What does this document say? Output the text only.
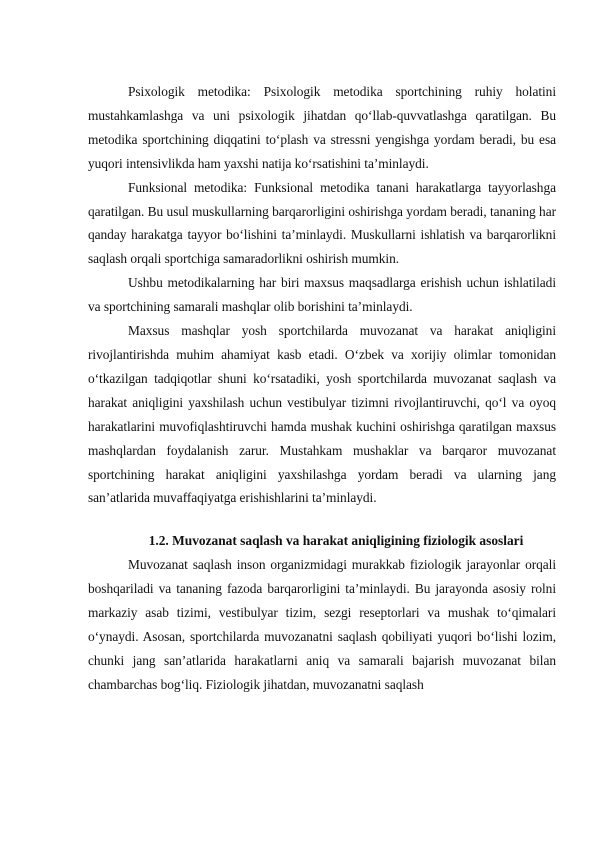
Psixologik metodika: Psixologik metodika sportchining ruhiy holatini mustahkamlashga va uni psixologik jihatdan qo‘llab-quvvatlashga qaratilgan. Bu metodika sportchining diqqatini to‘plash va stressni yengishga yordam beradi, bu esa yuqori intensivlikda ham yaxshi natija ko‘rsatishini ta’minlaydi.

Funksional metodika: Funksional metodika tanani harakatlarga tayyorlashga qaratilgan. Bu usul muskullarning barqarorligini oshirishga yordam beradi, tananing har qanday harakatga tayyor bo‘lishini ta’minlaydi. Muskullarni ishlatish va barqarorlikni saqlash orqali sportchiga samaradorlikni oshirish mumkin.

Ushbu metodikalarning har biri maxsus maqsadlarga erishish uchun ishlatiladi va sportchining samarali mashqlar olib borishini ta’minlaydi.

Maxsus mashqlar yosh sportchilarda muvozanat va harakat aniqligini rivojlantirishda muhim ahamiyat kasb etadi. O‘zbek va xorijiy olimlar tomonidan o‘tkazilgan tadqiqotlar shuni ko‘rsatadiki, yosh sportchilarda muvozanat saqlash va harakat aniqligini yaxshilash uchun vestibulyar tizimni rivojlantiruvchi, qo‘l va oyoq harakatlarini muvofiqlashtiruvchi hamda mushak kuchini oshirishga qaratilgan maxsus mashqlardan foydalanish zarur. Mustahkam mushaklar va barqaror muvozanat sportchining harakat aniqligini yaxshilashga yordam beradi va ularning jang san’atlarida muvaffaqiyatga erishishlarini ta’minlaydi.

1.2. Muvozanat saqlash va harakat aniqligining fiziologik asoslari

Muvozanat saqlash inson organizmidagi murakkab fiziologik jarayonlar orqali boshqariladi va tananing fazoda barqarorligini ta’minlaydi. Bu jarayonda asosiy rolni markaziy asab tizimi, vestibulyar tizim, sezgi reseptorlari va mushak to‘qimalari o‘ynaydi. Asosan, sportchilarda muvozanatni saqlash qobiliyati yuqori bo‘lishi lozim, chunki jang san’atlarida harakatlarni aniq va samarali bajarish muvozanat bilan chambarchas bog‘liq. Fiziologik jihatdan, muvozanatni saqlash
